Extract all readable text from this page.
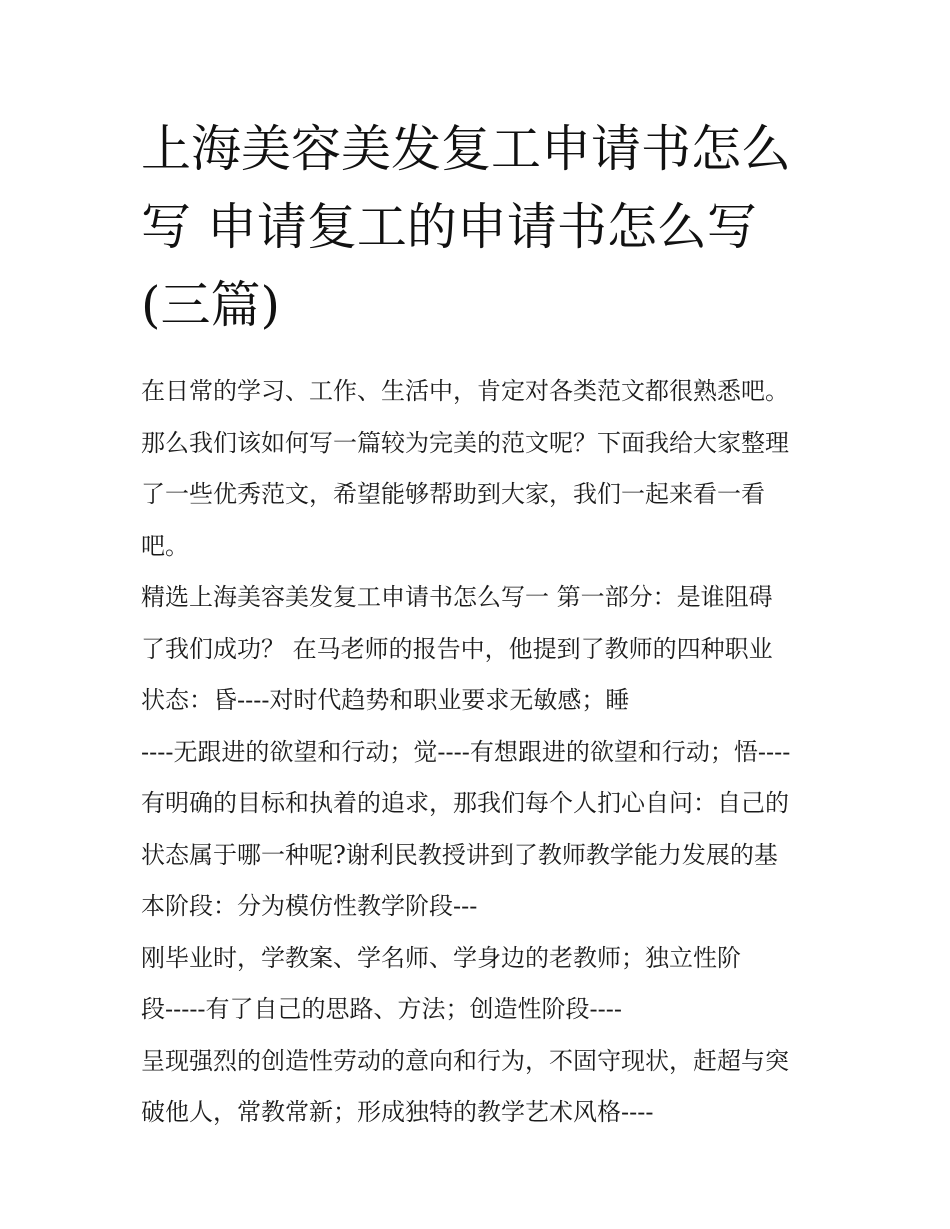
上海美容美发复工申请书怎么
写 申请复工的申请书怎么写
(三篇)
在日常的学习、工作、生活中，肯定对各类范文都很熟悉吧。
那么我们该如何写一篇较为完美的范文呢？下面我给大家整理
了一些优秀范文，希望能够帮助到大家，我们一起来看一看
吧。
精选上海美容美发复工申请书怎么写一 第一部分：是谁阻碍
了我们成功？ 在马老师的报告中，他提到了教师的四种职业
状态：昏----对时代趋势和职业要求无敏感；睡
----无跟进的欲望和行动；觉----有想跟进的欲望和行动；悟----
有明确的目标和执着的追求，那我们每个人扪心自问：自己的
状态属于哪一种呢?谢利民教授讲到了教师教学能力发展的基
本阶段：分为模仿性教学阶段---
刚毕业时，学教案、学名师、学身边的老教师；独立性阶
段-----有了自己的思路、方法；创造性阶段----
呈现强烈的创造性劳动的意向和行为，不固守现状，赶超与突
破他人，常教常新；形成独特的教学艺术风格----
